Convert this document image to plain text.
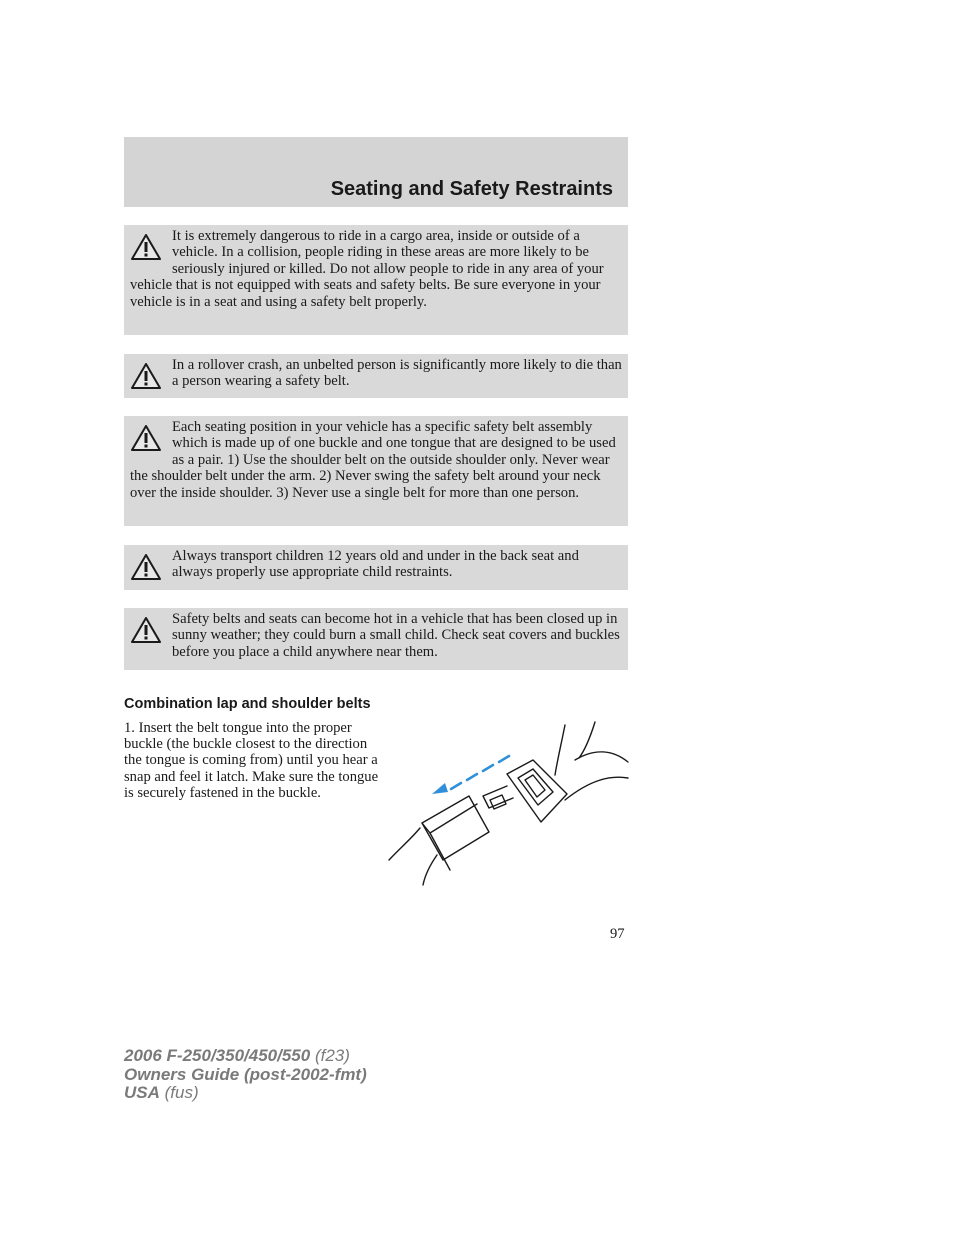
Seating and Safety Restraints
It is extremely dangerous to ride in a cargo area, inside or outside of a vehicle. In a collision, people riding in these areas are more likely to be seriously injured or killed. Do not allow people to ride in any area of your vehicle that is not equipped with seats and safety belts. Be sure everyone in your vehicle is in a seat and using a safety belt properly.
In a rollover crash, an unbelted person is significantly more likely to die than a person wearing a safety belt.
Each seating position in your vehicle has a specific safety belt assembly which is made up of one buckle and one tongue that are designed to be used as a pair. 1) Use the shoulder belt on the outside shoulder only. Never wear the shoulder belt under the arm. 2) Never swing the safety belt around your neck over the inside shoulder. 3) Never use a single belt for more than one person.
Always transport children 12 years old and under in the back seat and always properly use appropriate child restraints.
Safety belts and seats can become hot in a vehicle that has been closed up in sunny weather; they could burn a small child. Check seat covers and buckles before you place a child anywhere near them.
Combination lap and shoulder belts

1. Insert the belt tongue into the proper buckle (the buckle closest to the direction the tongue is coming from) until you hear a snap and feel it latch. Make sure the tongue is securely fastened in the buckle.

97
2006 F-250/350/450/550 (f23)
Owners Guide (post-2002-fmt)
USA (fus)
